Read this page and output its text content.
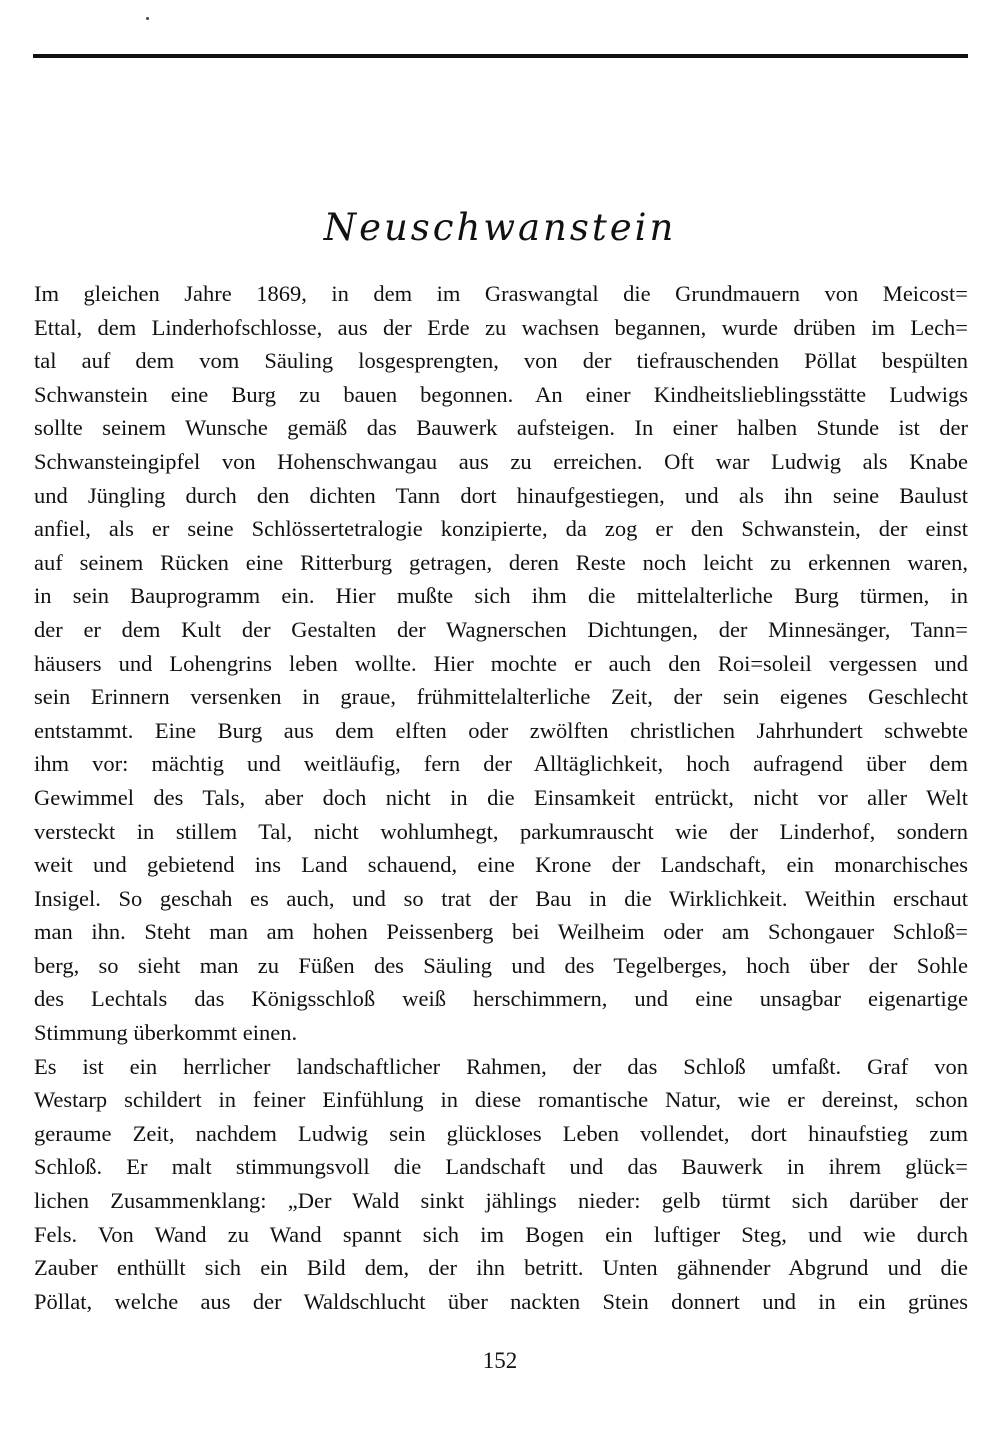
Neuschwanstein
Im gleichen Jahre 1869, in dem im Graswangtal die Grundmauern von Meicost=
Ettal, dem Linderhofschlosse, aus der Erde zu wachsen begannen, wurde drüben im Lech=
tal auf dem vom Säuling losgesprengten, von der tiefrauschenden Pöllat bespülten
Schwanstein eine Burg zu bauen begonnen. An einer Kindheitslieblingsstätte Ludwigs
sollte seinem Wunsche gemäß das Bauwerk aufsteigen. In einer halben Stunde ist der
Schwansteingipfel von Hohenschwangau aus zu erreichen. Oft war Ludwig als Knabe
und Jüngling durch den dichten Tann dort hinaufgestiegen, und als ihn seine Baulust
anfiel, als er seine Schlössertetralogie konzipierte, da zog er den Schwanstein, der einst
auf seinem Rücken eine Ritterburg getragen, deren Reste noch leicht zu erkennen waren,
in sein Bauprogramm ein. Hier mußte sich ihm die mittelalterliche Burg türmen, in
der er dem Kult der Gestalten der Wagnerschen Dichtungen, der Minnesänger, Tann=
häusers und Lohengrins leben wollte. Hier mochte er auch den Roi=soleil vergessen und
sein Erinnern versenken in graue, frühmittelalterliche Zeit, der sein eigenes Geschlecht
entstammt. Eine Burg aus dem elften oder zwölften christlichen Jahrhundert schwebte
ihm vor: mächtig und weitläufig, fern der Alltäglichkeit, hoch aufragend über dem
Gewimmel des Tals, aber doch nicht in die Einsamkeit entrückt, nicht vor aller Welt
versteckt in stillem Tal, nicht wohlumhegt, parkumrauscht wie der Linderhof, sondern
weit und gebietend ins Land schauend, eine Krone der Landschaft, ein monarchisches
Insigel. So geschah es auch, und so trat der Bau in die Wirklichkeit. Weithin erschaut
man ihn. Steht man am hohen Peissenberg bei Weilheim oder am Schongauer Schloß=
berg, so sieht man zu Füßen des Säuling und des Tegelberges, hoch über der Sohle
des Lechtals das Königsschloß weiß herschimmern, und eine unsagbar eigenartige
Stimmung überkommt einen.
Es ist ein herrlicher landschaftlicher Rahmen, der das Schloß umfaßt. Graf von
Westarp schildert in feiner Einfühlung in diese romantische Natur, wie er dereinst, schon
geraume Zeit, nachdem Ludwig sein glückloses Leben vollendet, dort hinaufstieg zum
Schloß. Er malt stimmungsvoll die Landschaft und das Bauwerk in ihrem glück=
lichen Zusammenklang: „Der Wald sinkt jählings nieder: gelb türmt sich darüber der
Fels. Von Wand zu Wand spannt sich im Bogen ein luftiger Steg, und wie durch
Zauber enthüllt sich ein Bild dem, der ihn betritt. Unten gähnender Abgrund und die
Pöllat, welche aus der Waldschlucht über nackten Stein donnert und in ein grünes
152
